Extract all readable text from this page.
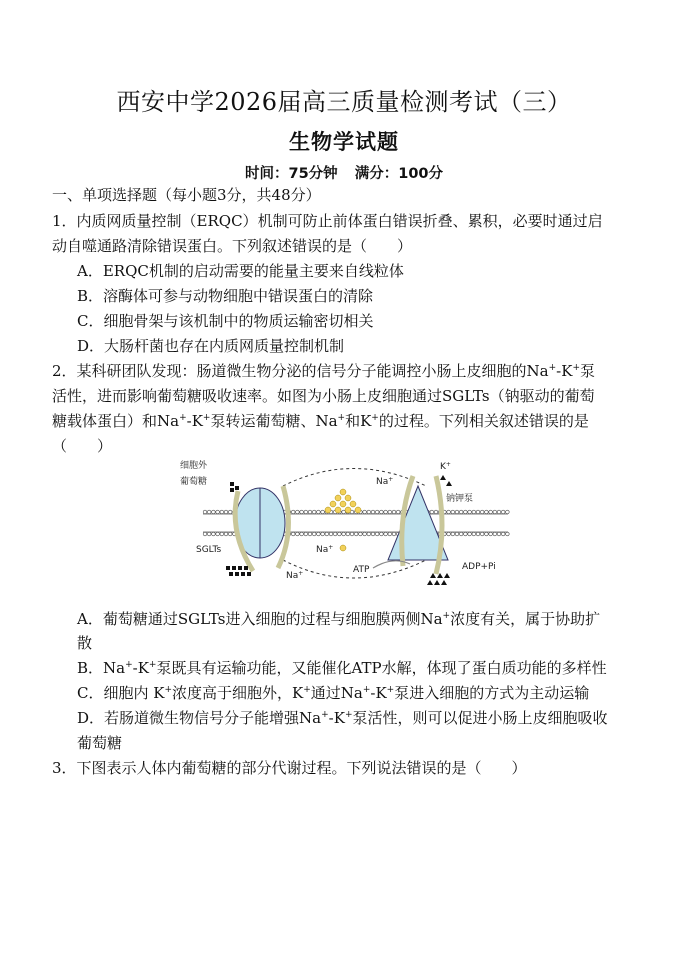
西安中学2026届高三质量检测考试（三）
生物学试题
时间：75分钟 满分：100分
一、单项选择题（每小题3分，共48分）
1．内质网质量控制（ERQC）机制可防止前体蛋白错误折叠、累积，必要时通过启
动自噬通路清除错误蛋白。下列叙述错误的是（　　）
A．ERQC机制的启动需要的能量主要来自线粒体
B．溶酶体可参与动物细胞中错误蛋白的清除
C．细胞骨架与该机制中的物质运输密切相关
D．大肠杆菌也存在内质网质量控制机制
2．某科研团队发现：肠道微生物分泌的信号分子能调控小肠上皮细胞的Na+-K+泵
活性，进而影响葡萄糖吸收速率。如图为小肠上皮细胞通过SGLTs（钠驱动的葡萄
糖载体蛋白）和Na+-K+泵转运葡萄糖、Na+和K+的过程。下列相关叙述错误的是
（　　）
细胞外
葡萄糖
SGLTs
Na+
Na+
Na+
K+
钠钾泵
ATP	ADP+Pi
A．葡萄糖通过SGLTs进入细胞的过程与细胞膜两侧Na+浓度有关，属于协助扩
散
B．Na+-K+泵既具有运输功能，又能催化ATP水解，体现了蛋白质功能的多样性
C．细胞内 K+浓度高于细胞外，K+通过Na+-K+泵进入细胞的方式为主动运输
D．若肠道微生物信号分子能增强Na+-K+泵活性，则可以促进小肠上皮细胞吸收
葡萄糖
3．下图表示人体内葡萄糖的部分代谢过程。下列说法错误的是（　　）
